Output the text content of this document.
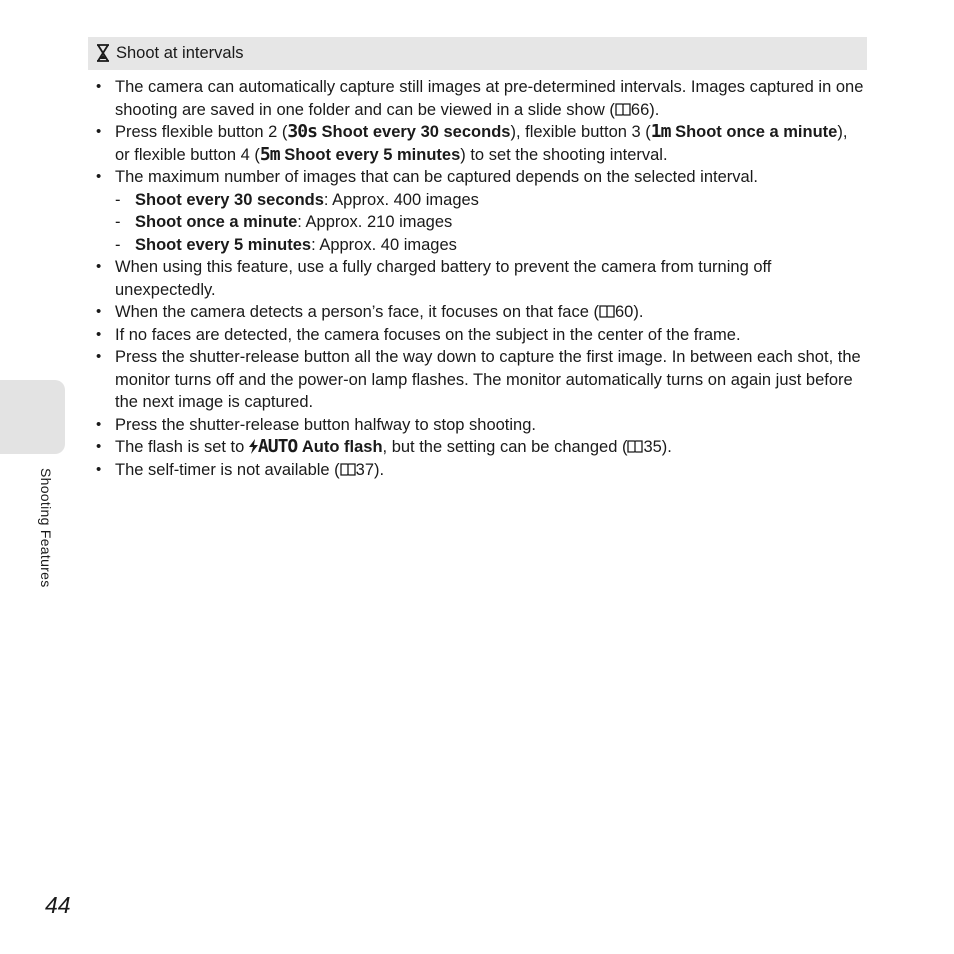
Shoot at intervals
• The camera can automatically capture still images at pre-determined intervals. Images captured in one shooting are saved in one folder and can be viewed in a slide show ( 66).
• Press flexible button 2 (30s Shoot every 30 seconds), flexible button 3 (1m Shoot once a minute), or flexible button 4 (5m Shoot every 5 minutes) to set the shooting interval.
• The maximum number of images that can be captured depends on the selected interval.
- Shoot every 30 seconds: Approx. 400 images
- Shoot once a minute: Approx. 210 images
- Shoot every 5 minutes: Approx. 40 images
• When using this feature, use a fully charged battery to prevent the camera from turning off unexpectedly.
• When the camera detects a person’s face, it focuses on that face ( 60).
• If no faces are detected, the camera focuses on the subject in the center of the frame.
• Press the shutter-release button all the way down to capture the first image. In between each shot, the monitor turns off and the power-on lamp flashes. The monitor automatically turns on again just before the next image is captured.
• Press the shutter-release button halfway to stop shooting.
• The flash is set to AUTO Auto flash, but the setting can be changed ( 35).
• The self-timer is not available ( 37).
Shooting Features
44
